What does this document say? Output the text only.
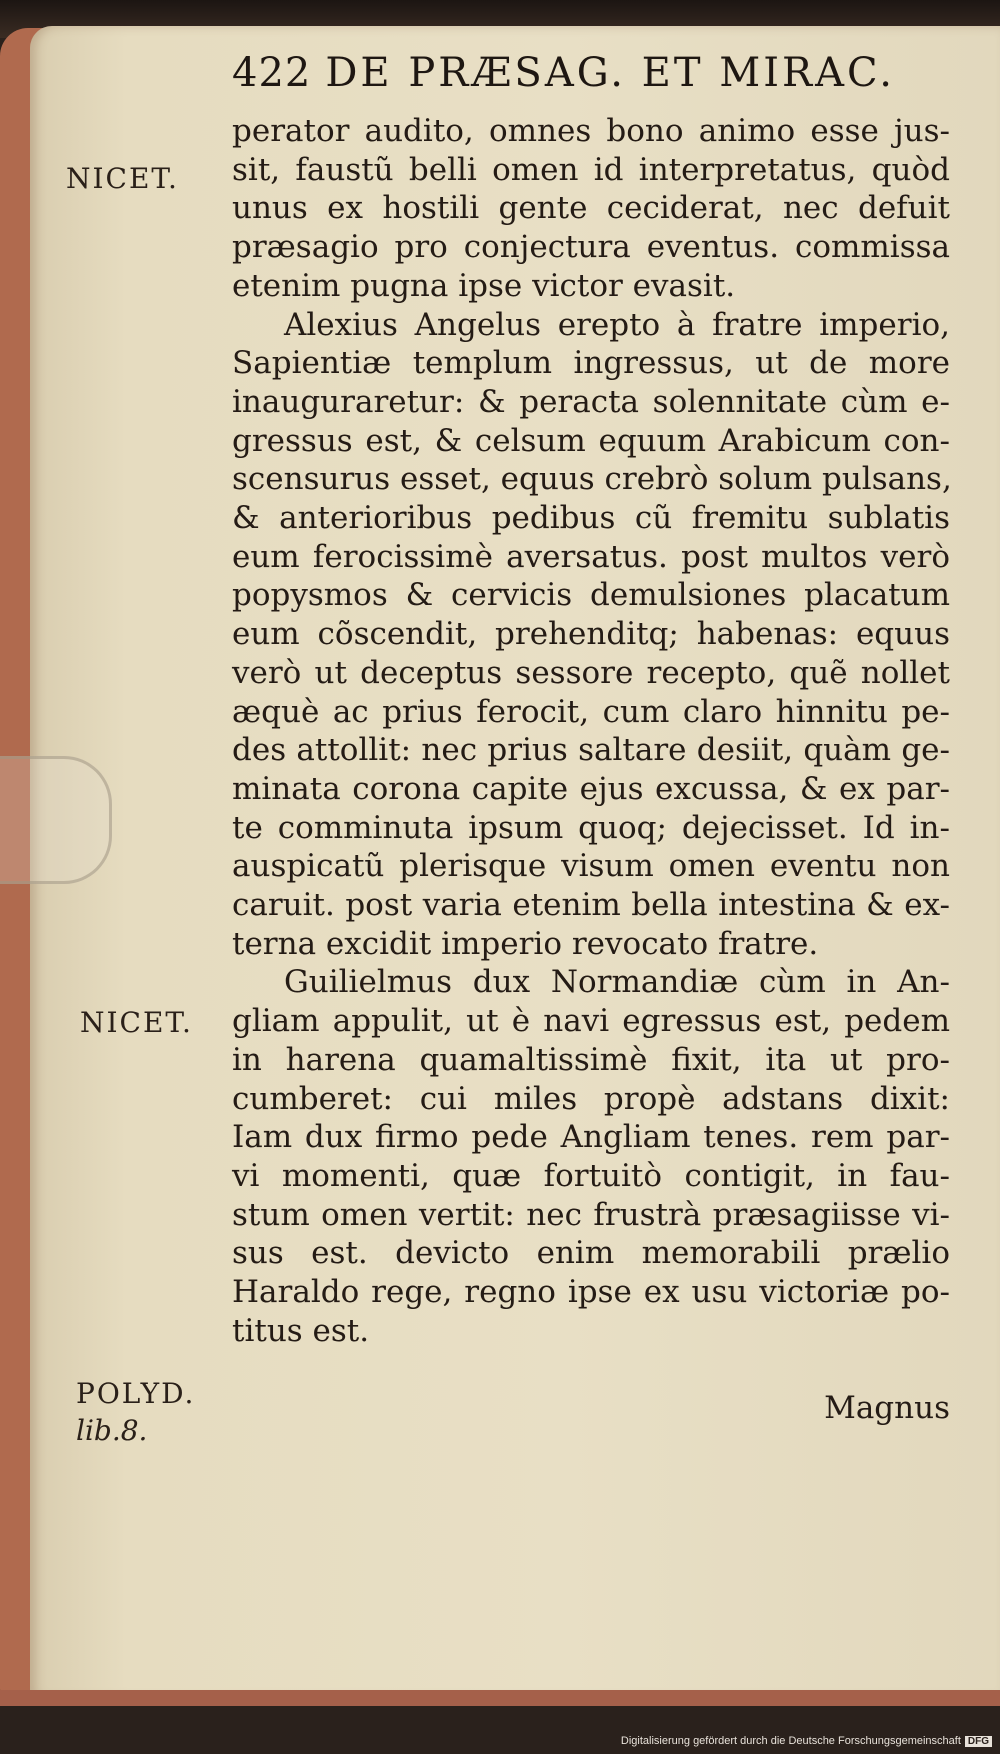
422 DE PRÆSAG. ET MIRAC.
NICET.
NICET.
POLYD.
lib.8.
perator audito, omnes bono animo esse jus-
sit, faustũ belli omen id interpretatus, quòd
unus ex hostili gente ceciderat, nec defuit
præsagio pro conjectura eventus. commissa
etenim pugna ipse victor evasit.
Alexius Angelus erepto à fratre imperio,
Sapientiæ templum ingressus, ut de more
inauguraretur: & peracta solennitate cùm e-
gressus est, & celsum equum Arabicum con-
scensurus esset, equus crebrò solum pulsans,
& anterioribus pedibus cũ fremitu sublatis
eum ferocissimè aversatus. post multos verò
popysmos & cervicis demulsiones placatum
eum cõscendit, prehenditq; habenas: equus
verò ut deceptus sessore recepto, quẽ nollet
æquè ac prius ferocit, cum claro hinnitu pe-
des attollit: nec prius saltare desiit, quàm ge-
minata corona capite ejus excussa, & ex par-
te comminuta ipsum quoq; dejecisset. Id in-
auspicatũ plerisque visum omen eventu non
caruit. post varia etenim bella intestina & ex-
terna excidit imperio revocato fratre.
Guilielmus dux Normandiæ cùm in An-
gliam appulit, ut è navi egressus est, pedem
in harena quamaltissimè fixit, ita ut pro-
cumberet: cui miles propè adstans dixit:
Iam dux firmo pede Angliam tenes. rem par-
vi momenti, quæ fortuitò contigit, in fau-
stum omen vertit: nec frustrà præsagiisse vi-
sus est. devicto enim memorabili prælio
Haraldo rege, regno ipse ex usu victoriæ po-
titus est.
Magnus
Digitalisierung gefördert durch die Deutsche Forschungsgemeinschaft DFG
